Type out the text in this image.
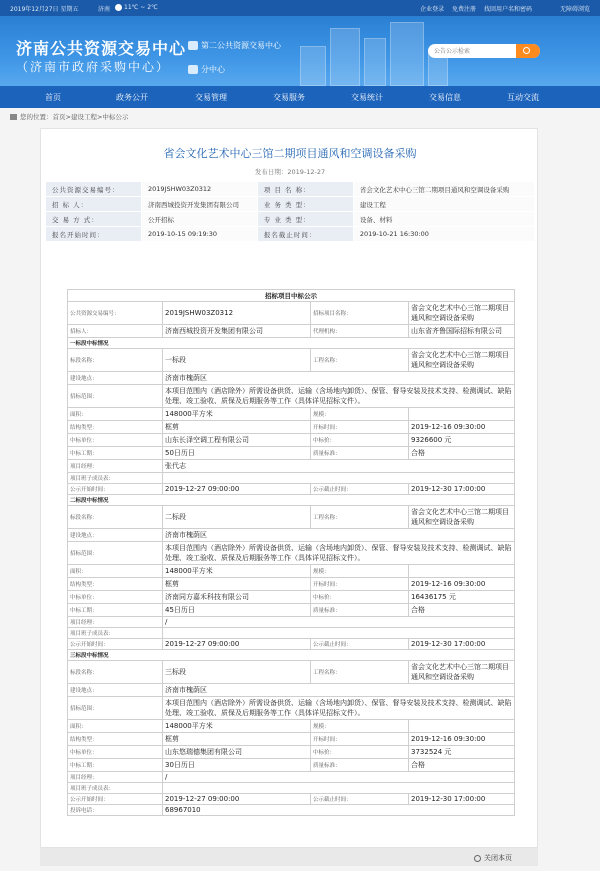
2019年12月27日 星期五	济南 11℃ ~ 2℃	企业登录 免费注册 找回用户名和密码	无障碍浏览
济南公共资源交易中心
（济南市政府采购中心）
第二公共资源交易中心
分中心
公告公示检索
首页	政务公开	交易管理	交易服务	交易统计	交易信息	互动交流
您的位置：首页>建设工程>中标公示
省会文化艺术中心三馆二期项目通风和空调设备采购
发布日期：2019-12-27
公共资源交易编号：	2019JSHW03Z0312	项 目 名 称：	省会文化艺术中心三馆二期项目通风和空调设备采购
招 标 人：	济南西城投资开发集团有限公司	业 务 类 型：	建设工程
交 易 方 式：	公开招标	专 业 类 型：	设备、材料
报名开始时间：	2019-10-15 09:19:30	报名截止时间：	2019-10-21 16:30:00
招标项目中标公示			
公共资源交易编号：	2019JSHW03Z0312	招标项目名称：	省会文化艺术中心三馆二期项目通风和空调设备采购
招标人：	济南西城投资开发集团有限公司	代理机构：	山东省齐鲁国际招标有限公司
一标段中标情况			
标段名称：	一标段	工程名称：	省会文化艺术中心三馆二期项目通风和空调设备采购
建设地点：	济南市槐荫区		
招标范围：	本项目范围内（酒店除外）所需设备供货、运输（含场地内卸货）、保管、督导安装及技术支持、检测调试、缺陷处理、竣工验收、质保及后期服务等工作（具体详见招标文件）。		
面积：	148000平方米	规模：	
结构类型：	框剪	开标时间：	2019-12-16 09:30:00
中标单位：	山东长泽空调工程有限公司	中标价：	9326600 元
中标工期：	50日历日	质量标准：	合格
项目经理：	张代志		
项目班子成员表：			
公示开始时间：	2019-12-27 09:00:00	公示截止时间：	2019-12-30 17:00:00
二标段中标情况			
标段名称：	二标段	工程名称：	省会文化艺术中心三馆二期项目通风和空调设备采购
建设地点：	济南市槐荫区		
招标范围：	本项目范围内（酒店除外）所需设备供货、运输（含场地内卸货）、保管、督导安装及技术支持、检测调试、缺陷处理、竣工验收、质保及后期服务等工作（具体详见招标文件）。		
面积：	148000平方米	规模：	
结构类型：	框剪	开标时间：	2019-12-16 09:30:00
中标单位：	济南同方嘉禾科技有限公司	中标价：	16436175 元
中标工期：	45日历日	质量标准：	合格
项目经理：	/		
项目班子成员表：			
公示开始时间：	2019-12-27 09:00:00	公示截止时间：	2019-12-30 17:00:00
三标段中标情况			
标段名称：	三标段	工程名称：	省会文化艺术中心三馆二期项目通风和空调设备采购
建设地点：	济南市槐荫区		
招标范围：	本项目范围内（酒店除外）所需设备供货、运输（含场地内卸货）、保管、督导安装及技术支持、检测调试、缺陷处理、竣工验收、质保及后期服务等工作（具体详见招标文件）。		
面积：	148000平方米	规模：	
结构类型：	框剪	开标时间：	2019-12-16 09:30:00
中标单位：	山东悠瑞德集团有限公司	中标价：	3732524 元
中标工期：	30日历日	质量标准：	合格
项目经理：	/		
项目班子成员表：			
公示开始时间：	2019-12-27 09:00:00	公示截止时间：	2019-12-30 17:00:00
投诉电话：	68967010		
关闭本页
